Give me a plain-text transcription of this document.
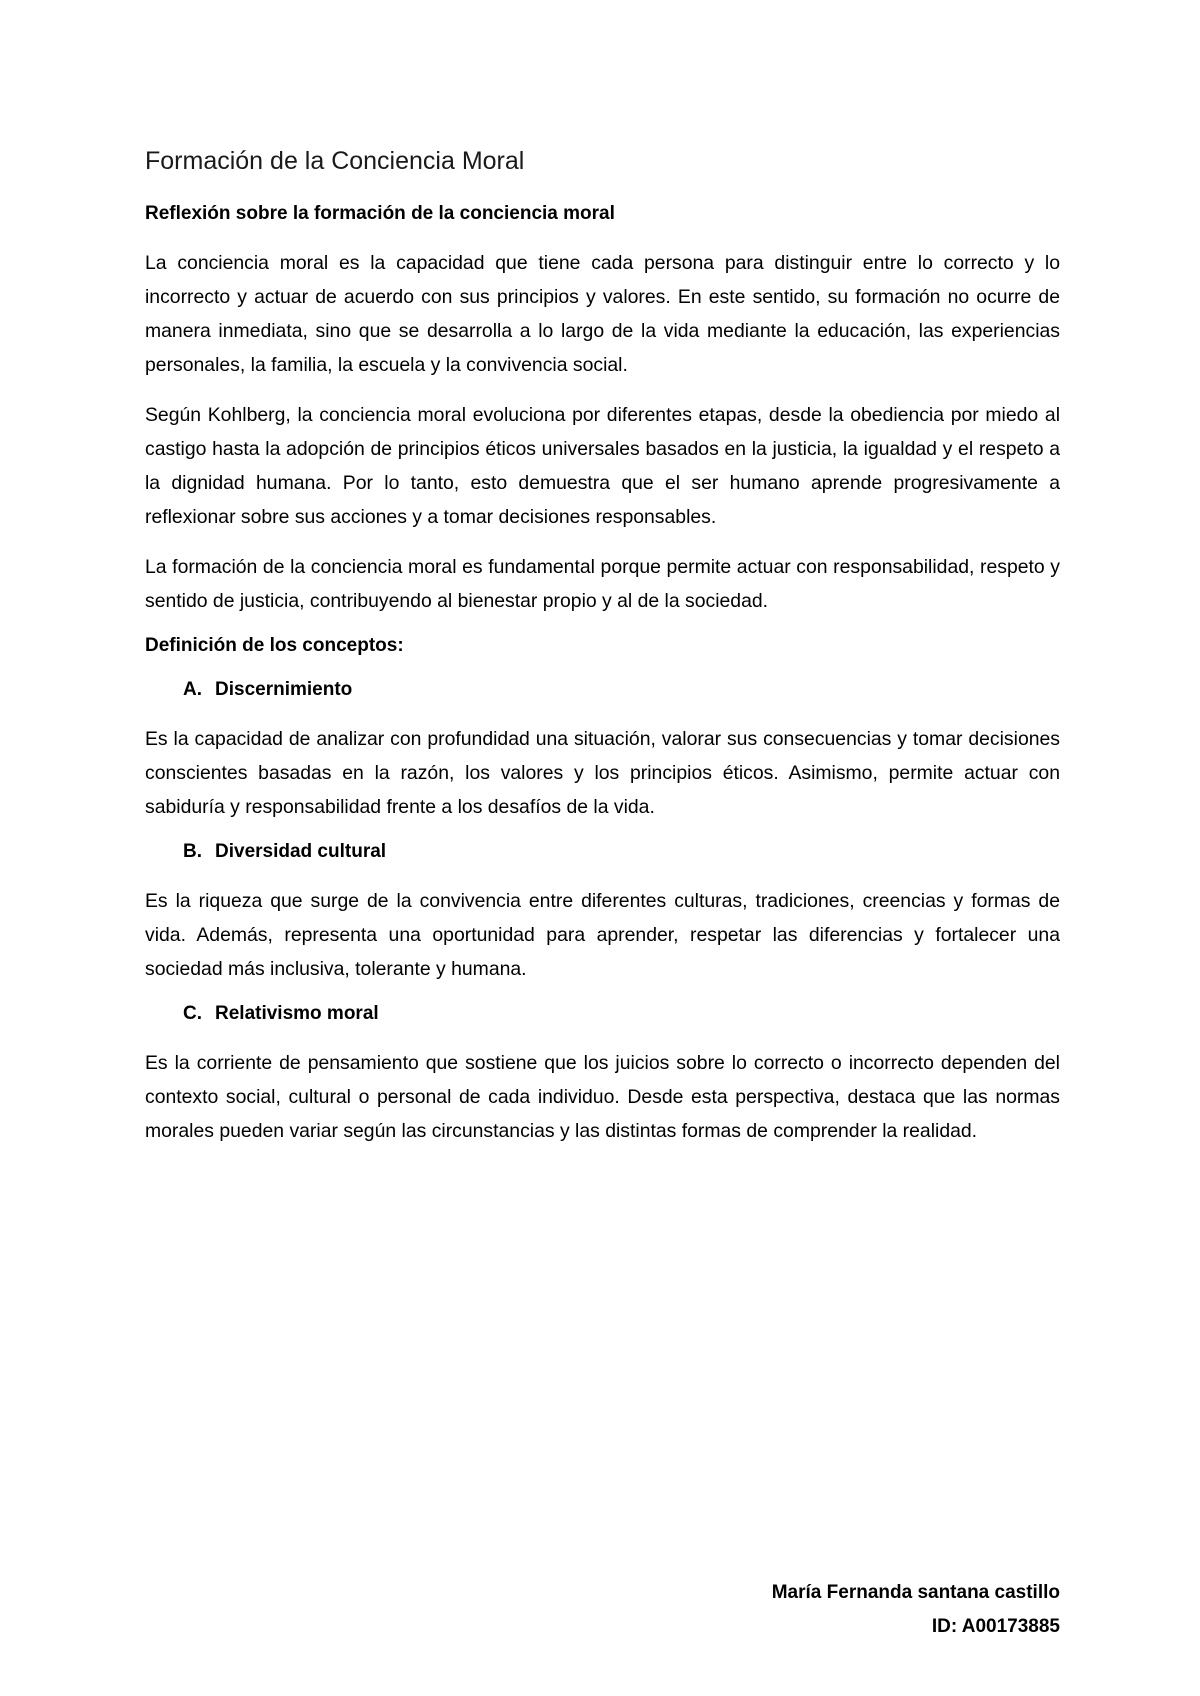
Formación de la Conciencia Moral
Reflexión sobre la formación de la conciencia moral

La conciencia moral es la capacidad que tiene cada persona para distinguir entre lo correcto y lo incorrecto y actuar de acuerdo con sus principios y valores. En este sentido, su formación no ocurre de manera inmediata, sino que se desarrolla a lo largo de la vida mediante la educación, las experiencias personales, la familia, la escuela y la convivencia social.

Según Kohlberg, la conciencia moral evoluciona por diferentes etapas, desde la obediencia por miedo al castigo hasta la adopción de principios éticos universales basados en la justicia, la igualdad y el respeto a la dignidad humana. Por lo tanto, esto demuestra que el ser humano aprende progresivamente a reflexionar sobre sus acciones y a tomar decisiones responsables.

La formación de la conciencia moral es fundamental porque permite actuar con responsabilidad, respeto y sentido de justicia, contribuyendo al bienestar propio y al de la sociedad.

Definición de los conceptos:
A. Discernimiento

Es la capacidad de analizar con profundidad una situación, valorar sus consecuencias y tomar decisiones conscientes basadas en la razón, los valores y los principios éticos. Asimismo, permite actuar con sabiduría y responsabilidad frente a los desafíos de la vida.

B. Diversidad cultural

Es la riqueza que surge de la convivencia entre diferentes culturas, tradiciones, creencias y formas de vida. Además, representa una oportunidad para aprender, respetar las diferencias y fortalecer una sociedad más inclusiva, tolerante y humana.

C. Relativismo moral

Es la corriente de pensamiento que sostiene que los juicios sobre lo correcto o incorrecto dependen del contexto social, cultural o personal de cada individuo. Desde esta perspectiva, destaca que las normas morales pueden variar según las circunstancias y las distintas formas de comprender la realidad.

María Fernanda santana castillo
ID: A00173885
